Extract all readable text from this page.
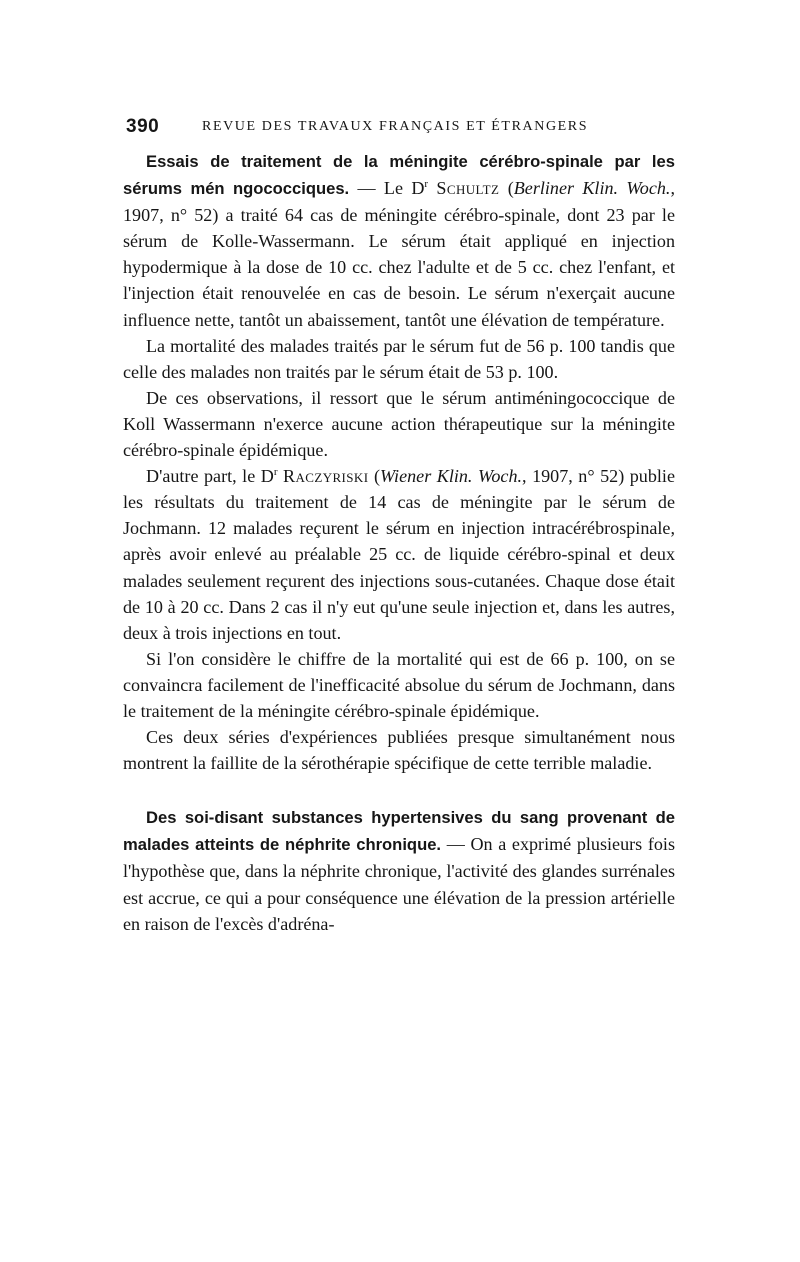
390	REVUE DES TRAVAUX FRANÇAIS ET ÉTRANGERS

Essais de traitement de la méningite cérébro-spinale par les sérums mén ngococciques. — Le $D^r$ Schultz (Berliner Klin. Woch., 1907, n° 52) a traité 64 cas de méningite cérébro-spinale, dont 23 par le sérum de Kolle-Wassermann. Le sérum était appliqué en injection hypodermique à la dose de 10 cc. chez l'adulte et de 5 cc. chez l'enfant, et l'injection était renouvelée en cas de besoin. Le sérum n'exerçait aucune influence nette, tantôt un abaissement, tantôt une élévation de température.

La mortalité des malades traités par le sérum fut de 56 p. 100 tandis que celle des malades non traités par le sérum était de 53 p. 100.

De ces observations, il ressort que le sérum antiméningococcique de Koll Wassermann n'exerce aucune action thérapeutique sur la méningite cérébro-spinale épidémique.

D'autre part, le $D^r$ Raczyriski (Wiener Klin. Woch., 1907, n° 52) publie les résultats du traitement de 14 cas de méningite par le sérum de Jochmann. 12 malades reçurent le sérum en injection intracérébrospinale, après avoir enlevé au préalable 25 cc. de liquide cérébro-spinal et deux malades seulement reçurent des injections sous-cutanées. Chaque dose était de 10 à 20 cc. Dans 2 cas il n'y eut qu'une seule injection et, dans les autres, deux à trois injections en tout.

Si l'on considère le chiffre de la mortalité qui est de 66 p. 100, on se convaincra facilement de l'inefficacité absolue du sérum de Jochmann, dans le traitement de la méningite cérébro-spinale épidémique.

Ces deux séries d'expériences publiées presque simultanément nous montrent la faillite de la sérothérapie spécifique de cette terrible maladie.

Des soi-disant substances hypertensives du sang provenant de malades atteints de néphrite chronique. — On a exprimé plusieurs fois l'hypothèse que, dans la néphrite chronique, l'activité des glandes surrénales est accrue, ce qui a pour conséquence une élévation de la pression artérielle en raison de l'excès d'adréna-
